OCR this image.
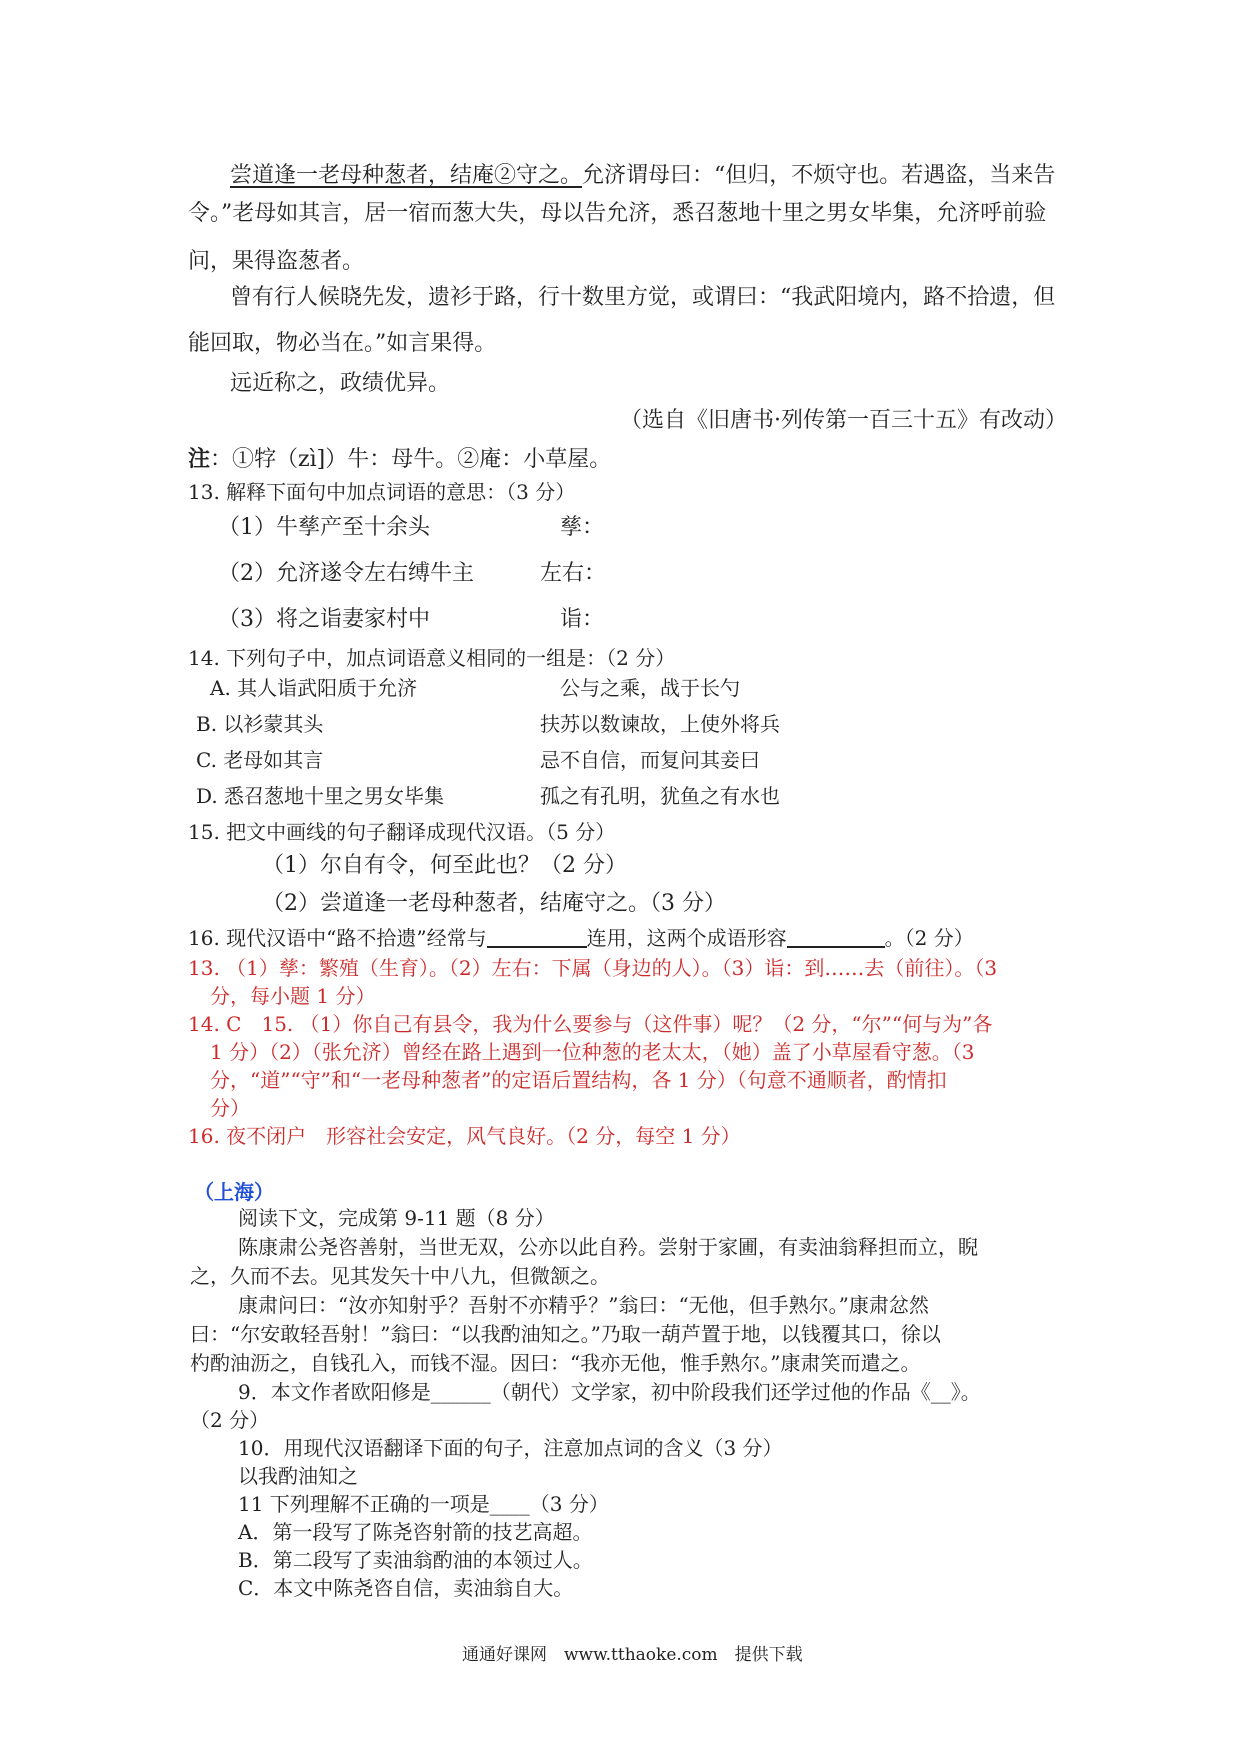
尝道逢一老母种葱者，结庵②守之。允济谓母曰：“但归，不烦守也。若遇盗，当来告
令。”老母如其言，居一宿而葱大失，母以告允济，悉召葱地十里之男女毕集，允济呼前验
问，果得盗葱者。
曾有行人候晓先发，遗衫于路，行十数里方觉，或谓曰：“我武阳境内，路不拾遗，但
能回取，物必当在。”如言果得。
远近称之，政绩优异。
（选自《旧唐书·列传第一百三十五》有改动）
注：①牸（zì]）牛：母牛。②庵：小草屋。
13. 解释下面句中加点词语的意思：（3 分）
（1）牛孳产至十余头	孳：
（2）允济遂令左右缚牛主	左右：
（3）将之诣妻家村中	诣：
14. 下列句子中，加点词语意义相同的一组是：（2 分）
A. 其人诣武阳质于允济	公与之乘，战于长勺
B. 以衫蒙其头	扶苏以数谏故，上使外将兵
C. 老母如其言	忌不自信，而复问其妾曰
D. 悉召葱地十里之男女毕集	孤之有孔明，犹鱼之有水也
15. 把文中画线的句子翻译成现代汉语。（5 分）
（1）尔自有令，何至此也？（2 分）
（2）尝道逢一老母种葱者，结庵守之。（3 分）
16. 现代汉语中“路不拾遗”经常与	连用，这两个成语形容	。（2 分）
13. （1）孳：繁殖（生育）。（2）左右：下属（身边的人）。（3）诣：到……去（前往）。（3
分，每小题 1 分）
14. C　15. （1）你自己有县令，我为什么要参与（这件事）呢？（2 分，“尔”“何与为”各
1 分）（2）（张允济）曾经在路上遇到一位种葱的老太太，（她）盖了小草屋看守葱。（3
分，“道”“守”和“一老母种葱者”的定语后置结构，各 1 分）（句意不通顺者，酌情扣
分）
16. 夜不闭户　形容社会安定，风气良好。（2 分，每空 1 分）
（上海）
阅读下文，完成第 9-11 题（8 分）
陈康肃公尧咨善射，当世无双，公亦以此自矜。尝射于家圃，有卖油翁释担而立，睨
之，久而不去。见其发矢十中八九，但微颔之。
康肃问曰：“汝亦知射乎？吾射不亦精乎？”翁曰：“无他，但手熟尔。”康肃忿然
曰：“尔安敢轻吾射！”翁曰：“以我酌油知之。”乃取一葫芦置于地，以钱覆其口，徐以
杓酌油沥之，自钱孔入，而钱不湿。因曰：“我亦无他，惟手熟尔。”康肃笑而遣之。
9．本文作者欧阳修是______（朝代）文学家，初中阶段我们还学过他的作品《__》。
（2 分）
10．用现代汉语翻译下面的句子，注意加点词的含义（3 分）
以我酌油知之
11 下列理解不正确的一项是____（3 分）
A．第一段写了陈尧咨射箭的技艺高超。
B．第二段写了卖油翁酌油的本领过人。
C．本文中陈尧咨自信，卖油翁自大。
通通好课网　www.tthaoke.com　提供下载
